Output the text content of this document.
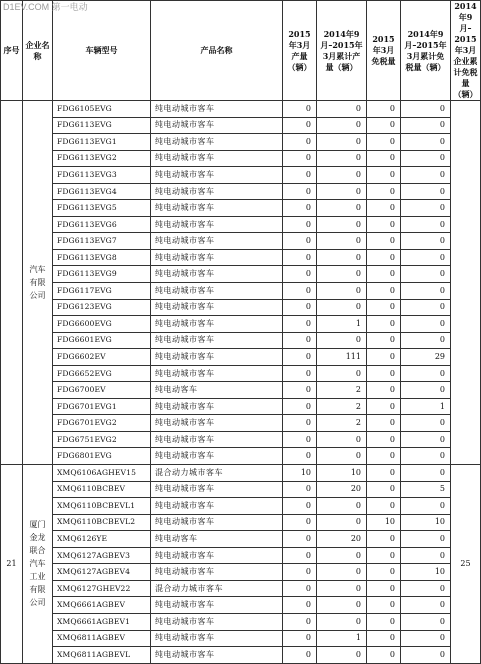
D1EV.COM 第一电动
序号	企业名称	车辆型号	产品名称	2015年3月产量（辆）	2014年9月–2015年3月累计产量（辆）	2015年3月免税量	2014年9月–2015年3月累计免税量（辆）	2014年9月–2015年3月企业累计免税量（辆）
	汽车有限公司	FDG6105EVG	纯电动城市客车	0	0	0	0	
		FDG6113EVG	纯电动城市客车	0	0	0	0	
		FDG6113EVG1	纯电动城市客车	0	0	0	0	
		FDG6113EVG2	纯电动城市客车	0	0	0	0	
		FDG6113EVG3	纯电动城市客车	0	0	0	0	
		FDG6113EVG4	纯电动城市客车	0	0	0	0	
		FDG6113EVG5	纯电动城市客车	0	0	0	0	
		FDG6113EVG6	纯电动城市客车	0	0	0	0	
		FDG6113EVG7	纯电动城市客车	0	0	0	0	
		FDG6113EVG8	纯电动城市客车	0	0	0	0	
		FDG6113EVG9	纯电动城市客车	0	0	0	0	
		FDG6117EVG	纯电动城市客车	0	0	0	0	
		FDG6123EVG	纯电动城市客车	0	0	0	0	
		FDG6600EVG	纯电动城市客车	0	1	0	0	
		FDG6601EVG	纯电动城市客车	0	0	0	0	
		FDG6602EV	纯电动城市客车	0	111	0	29	
		FDG6652EVG	纯电动城市客车	0	0	0	0	
		FDG6700EV	纯电动客车	0	2	0	0	
		FDG6701EVG1	纯电动城市客车	0	2	0	1	
		FDG6701EVG2	纯电动城市客车	0	2	0	0	
		FDG6751EVG2	纯电动城市客车	0	0	0	0	
		FDG6801EVG	纯电动城市客车	0	0	0	0	
21	厦门金龙联合汽车工业有限公司	XMQ6106AGHEV15	混合动力城市客车	10	10	0	0	25
		XMQ6110BCBEV	纯电动城市客车	0	20	0	5	
		XMQ6110BCBEVL1	纯电动城市客车	0	0	0	0	
		XMQ6110BCBEVL2	纯电动城市客车	0	0	10	10	
		XMQ6126YE	纯电动客车	0	20	0	0	
		XMQ6127AGBEV3	纯电动城市客车	0	0	0	0	
		XMQ6127AGBEV4	纯电动城市客车	0	0	0	10	
		XMQ6127GHEV22	混合动力城市客车	0	0	0	0	
		XMQ6661AGBEV	纯电动城市客车	0	0	0	0	
		XMQ6661AGBEV1	纯电动城市客车	0	0	0	0	
		XMQ6811AGBEV	纯电动城市客车	0	1	0	0	
		XMQ6811AGBEVL	纯电动城市客车	0	0	0	0	
